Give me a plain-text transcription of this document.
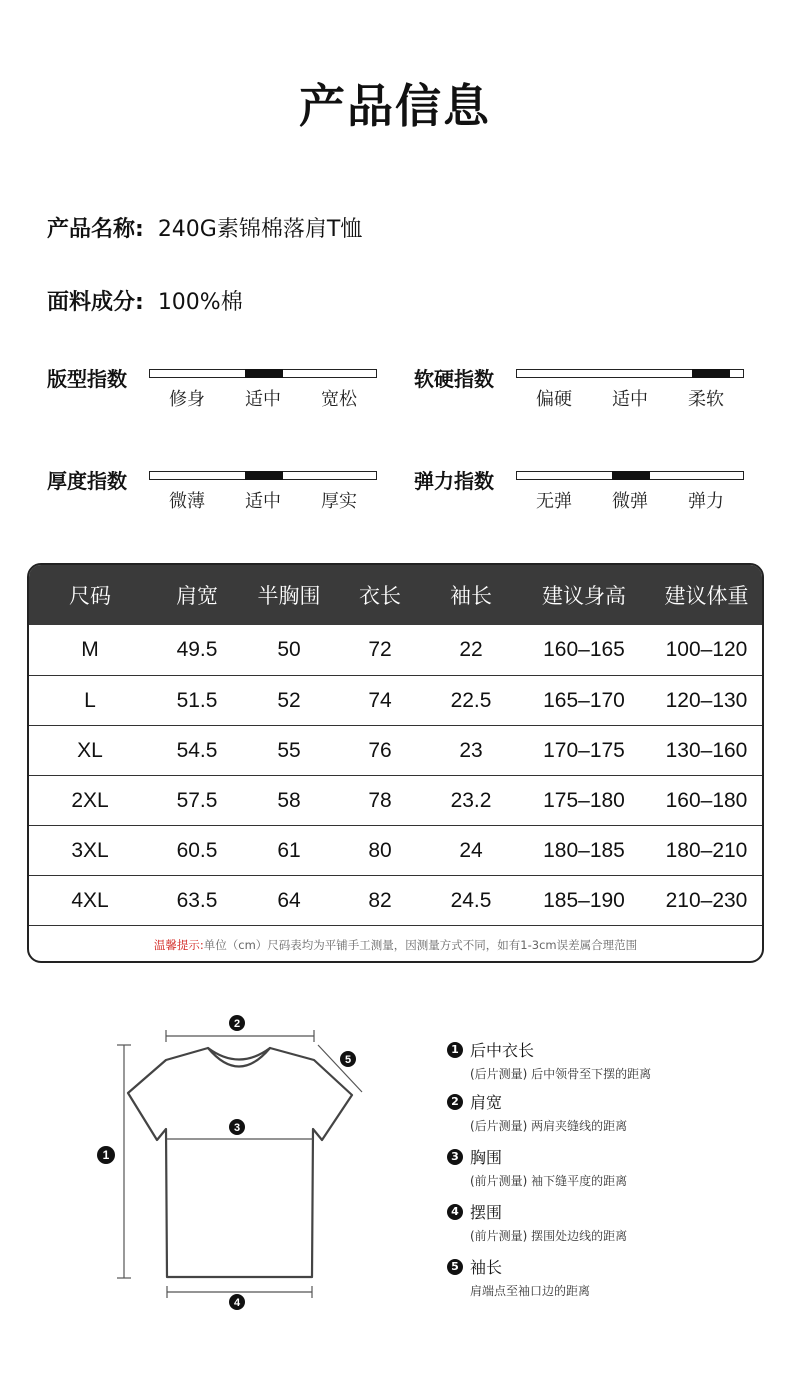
产品信息
产品名称: 240G素锦棉落肩T恤
面料成分: 100%棉
版型指数
修身	适中	宽松
软硬指数
偏硬	适中	柔软
厚度指数
微薄	适中	厚实
弹力指数
无弹	微弹	弹力
尺码	肩宽	半胸围	衣长	袖长	建议身高	建议体重
M	49.5	50	72	22	160–165	100–120
L	51.5	52	74	22.5	165–170	120–130
XL	54.5	55	76	23	170–175	130–160
2XL	57.5	58	78	23.2	175–180	160–180
3XL	60.5	61	80	24	180–185	180–210
4XL	63.5	64	82	24.5	185–190	210–230
温馨提示: 单位（cm）尺码表均为平铺手工测量，因测量方式不同，如有1-3cm误差属合理范围
2
5
3
1
4
1 后中衣长
(后片测量) 后中领骨至下摆的距离
2 肩宽
(后片测量) 两肩夹缝线的距离
3 胸围
(前片测量) 袖下缝平度的距离
4 摆围
(前片测量) 摆围处边线的距离
5 袖长
肩端点至袖口边的距离
